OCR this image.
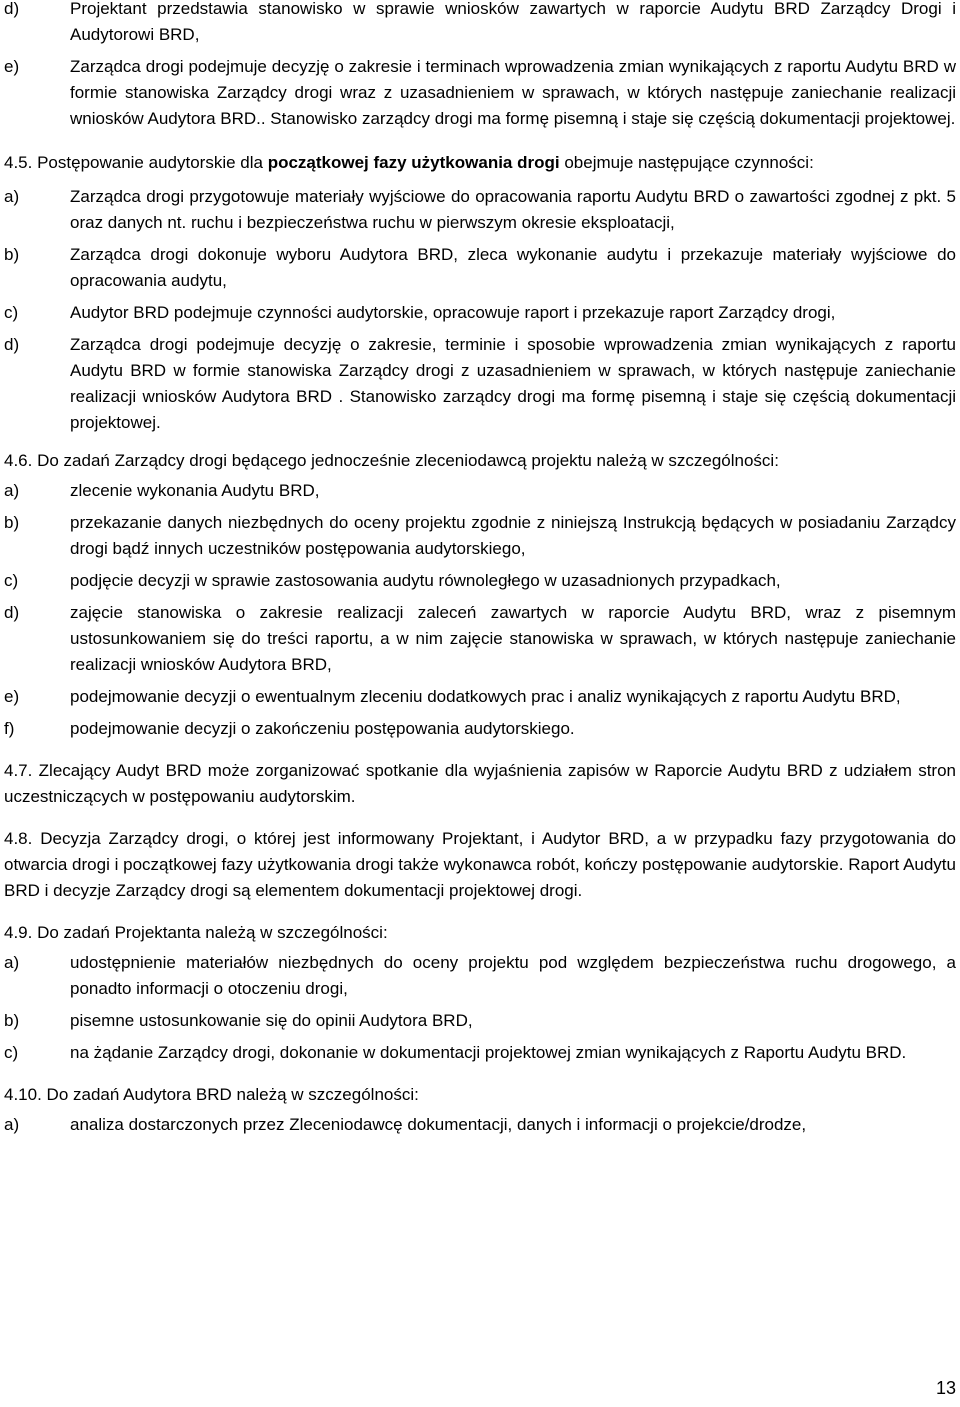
d)	Projektant przedstawia stanowisko w sprawie wniosków zawartych w raporcie Audytu BRD Zarządcy Drogi i Audytorowi BRD,
e)	Zarządca drogi podejmuje decyzję o zakresie i terminach wprowadzenia zmian wynikających z raportu Audytu BRD w formie stanowiska Zarządcy drogi wraz z uzasadnieniem w sprawach, w których następuje zaniechanie realizacji wniosków Audytora BRD.. Stanowisko zarządcy drogi ma formę pisemną i staje się częścią dokumentacji projektowej.
4.5. Postępowanie audytorskie dla początkowej fazy użytkowania drogi obejmuje następujące czynności:
a)	Zarządca drogi przygotowuje materiały wyjściowe do opracowania raportu Audytu BRD o zawartości zgodnej z pkt. 5 oraz danych nt. ruchu i bezpieczeństwa ruchu w pierwszym okresie eksploatacji,
b)	Zarządca drogi dokonuje wyboru Audytora BRD, zleca wykonanie audytu i przekazuje materiały wyjściowe do opracowania audytu,
c)	Audytor BRD podejmuje czynności audytorskie, opracowuje raport i przekazuje raport Zarządcy drogi,
d)	Zarządca drogi podejmuje decyzję o zakresie, terminie i sposobie wprowadzenia zmian wynikających z raportu Audytu BRD w formie stanowiska Zarządcy drogi z uzasadnieniem w sprawach, w których następuje zaniechanie realizacji wniosków Audytora BRD . Stanowisko zarządcy drogi ma formę pisemną i staje się częścią dokumentacji projektowej.
4.6. Do zadań Zarządcy drogi będącego jednocześnie zleceniodawcą projektu należą w szczególności:
a)	zlecenie wykonania Audytu BRD,
b)	przekazanie danych niezbędnych do oceny projektu zgodnie z niniejszą Instrukcją będących w posiadaniu Zarządcy drogi bądź innych uczestników postępowania audytorskiego,
c)	podjęcie decyzji w sprawie zastosowania audytu równoległego w uzasadnionych przypadkach,
d)	zajęcie stanowiska o zakresie realizacji zaleceń zawartych w raporcie Audytu BRD, wraz z pisemnym ustosunkowaniem się do treści raportu, a w nim zajęcie stanowiska w sprawach, w których następuje zaniechanie realizacji wniosków Audytora BRD,
e)	podejmowanie decyzji o ewentualnym zleceniu dodatkowych prac i analiz wynikających z raportu Audytu BRD,
f)	podejmowanie decyzji o zakończeniu postępowania audytorskiego.
4.7. Zlecający Audyt BRD może zorganizować spotkanie dla wyjaśnienia zapisów w Raporcie Audytu BRD z udziałem stron uczestniczących w postępowaniu audytorskim.
4.8. Decyzja Zarządcy drogi, o której jest informowany Projektant, i Audytor BRD, a w przypadku fazy przygotowania do otwarcia drogi i początkowej fazy użytkowania drogi także wykonawca robót, kończy postępowanie audytorskie. Raport Audytu BRD i decyzje Zarządcy drogi są elementem dokumentacji projektowej drogi.
4.9. Do zadań Projektanta należą w szczególności:
a)	udostępnienie materiałów niezbędnych do oceny projektu pod względem bezpieczeństwa ruchu drogowego, a ponadto informacji o otoczeniu drogi,
b)	pisemne ustosunkowanie się do opinii Audytora BRD,
c)	na żądanie Zarządcy drogi, dokonanie w dokumentacji projektowej zmian wynikających z Raportu Audytu BRD.
4.10. Do zadań Audytora BRD należą w szczególności:
a)	analiza dostarczonych przez Zleceniodawcę dokumentacji, danych i informacji o projekcie/drodze,
13
